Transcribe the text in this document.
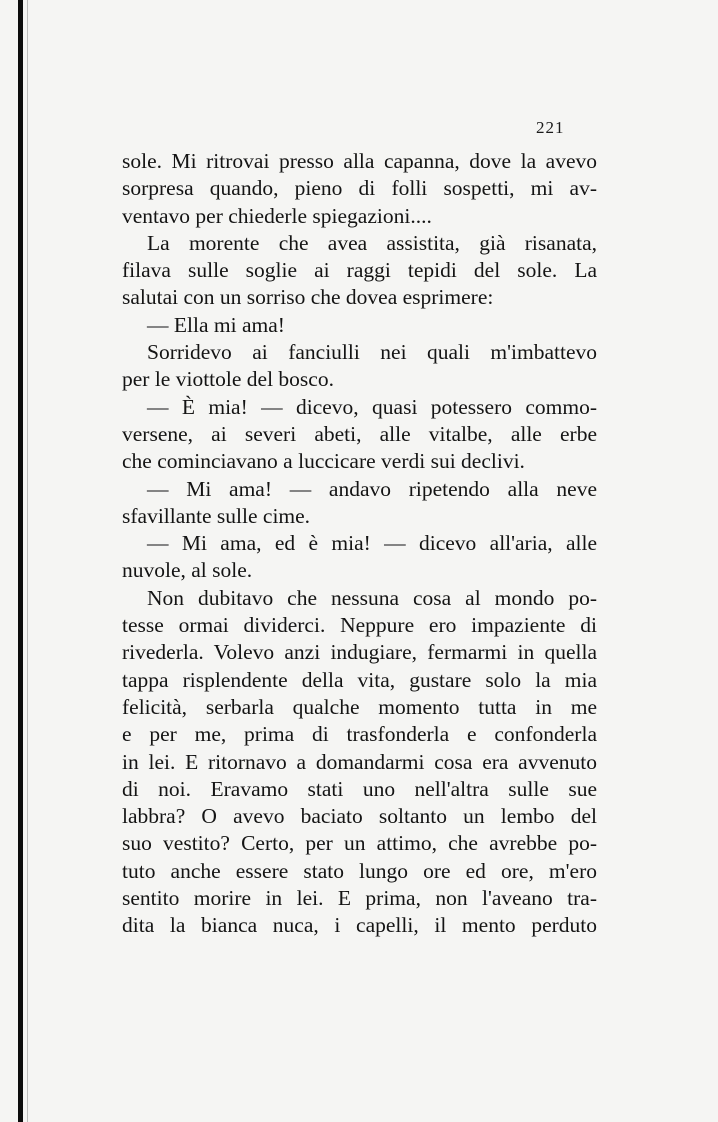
221
sole. Mi ritrovai presso alla capanna, dove la avevo
sorpresa quando, pieno di folli sospetti, mi av-
ventavo per chiederle spiegazioni....
La morente che avea assistita, già risanata,
filava sulle soglie ai raggi tepidi del sole. La
salutai con un sorriso che dovea esprimere:
— Ella mi ama!
Sorridevo ai fanciulli nei quali m'imbattevo
per le viottole del bosco.
— È mia! — dicevo, quasi potessero commo-
versene, ai severi abeti, alle vitalbe, alle erbe
che cominciavano a luccicare verdi sui declivi.
— Mi ama! — andavo ripetendo alla neve
sfavillante sulle cime.
— Mi ama, ed è mia! — dicevo all'aria, alle
nuvole, al sole.
Non dubitavo che nessuna cosa al mondo po-
tesse ormai dividerci. Neppure ero impaziente di
rivederla. Volevo anzi indugiare, fermarmi in quella
tappa risplendente della vita, gustare solo la mia
felicità, serbarla qualche momento tutta in me
e per me, prima di trasfonderla e confonderla
in lei. E ritornavo a domandarmi cosa era avvenuto
di noi. Eravamo stati uno nell'altra sulle sue
labbra? O avevo baciato soltanto un lembo del
suo vestito? Certo, per un attimo, che avrebbe po-
tuto anche essere stato lungo ore ed ore, m'ero
sentito morire in lei. E prima, non l'aveano tra-
dita la bianca nuca, i capelli, il mento perduto
